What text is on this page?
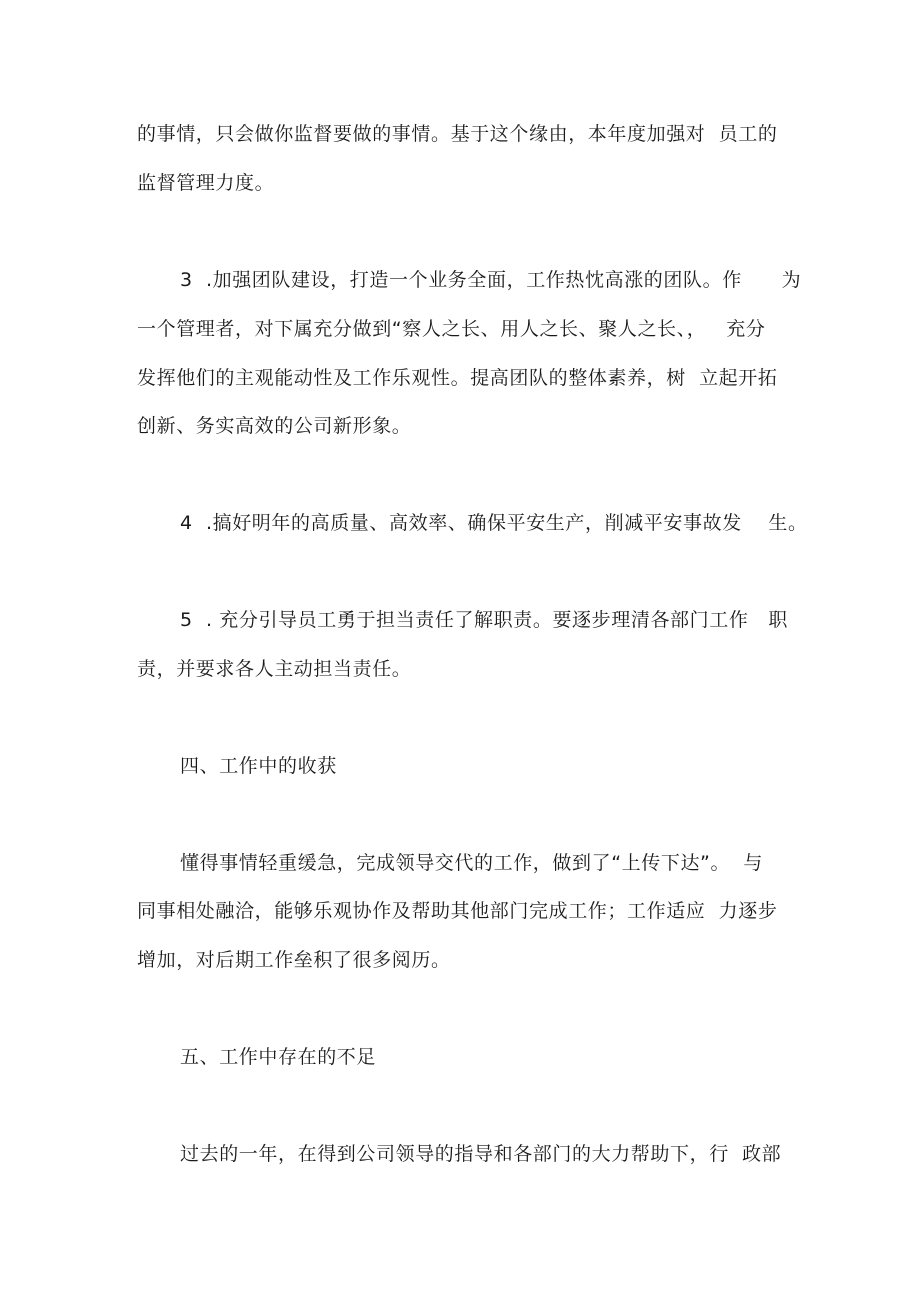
的事情，只会做你监督要做的事情。基于这个缘由，本年度加强对  员工的
监督管理力度。
3  .加强团队建设，打造一个业务全面，工作热忱高涨的团队。作      为
一个管理者，对下属充分做到“察人之长、用人之长、聚人之长、，   充分
发挥他们的主观能动性及工作乐观性。提高团队的整体素养，树  立起开拓
创新、务实高效的公司新形象。
4  .搞好明年的高质量、高效率、确保平安生产，削减平安事故发    生。
5  . 充分引导员工勇于担当责任了解职责。要逐步理清各部门工作   职
责，并要求各人主动担当责任。
四、工作中的收获
懂得事情轻重缓急，完成领导交代的工作，做到了“上传下达”。  与
同事相处融洽，能够乐观协作及帮助其他部门完成工作；工作适应  力逐步
增加，对后期工作垒积了很多阅历。
五、工作中存在的不足
过去的一年，在得到公司领导的指导和各部门的大力帮助下，行  政部
